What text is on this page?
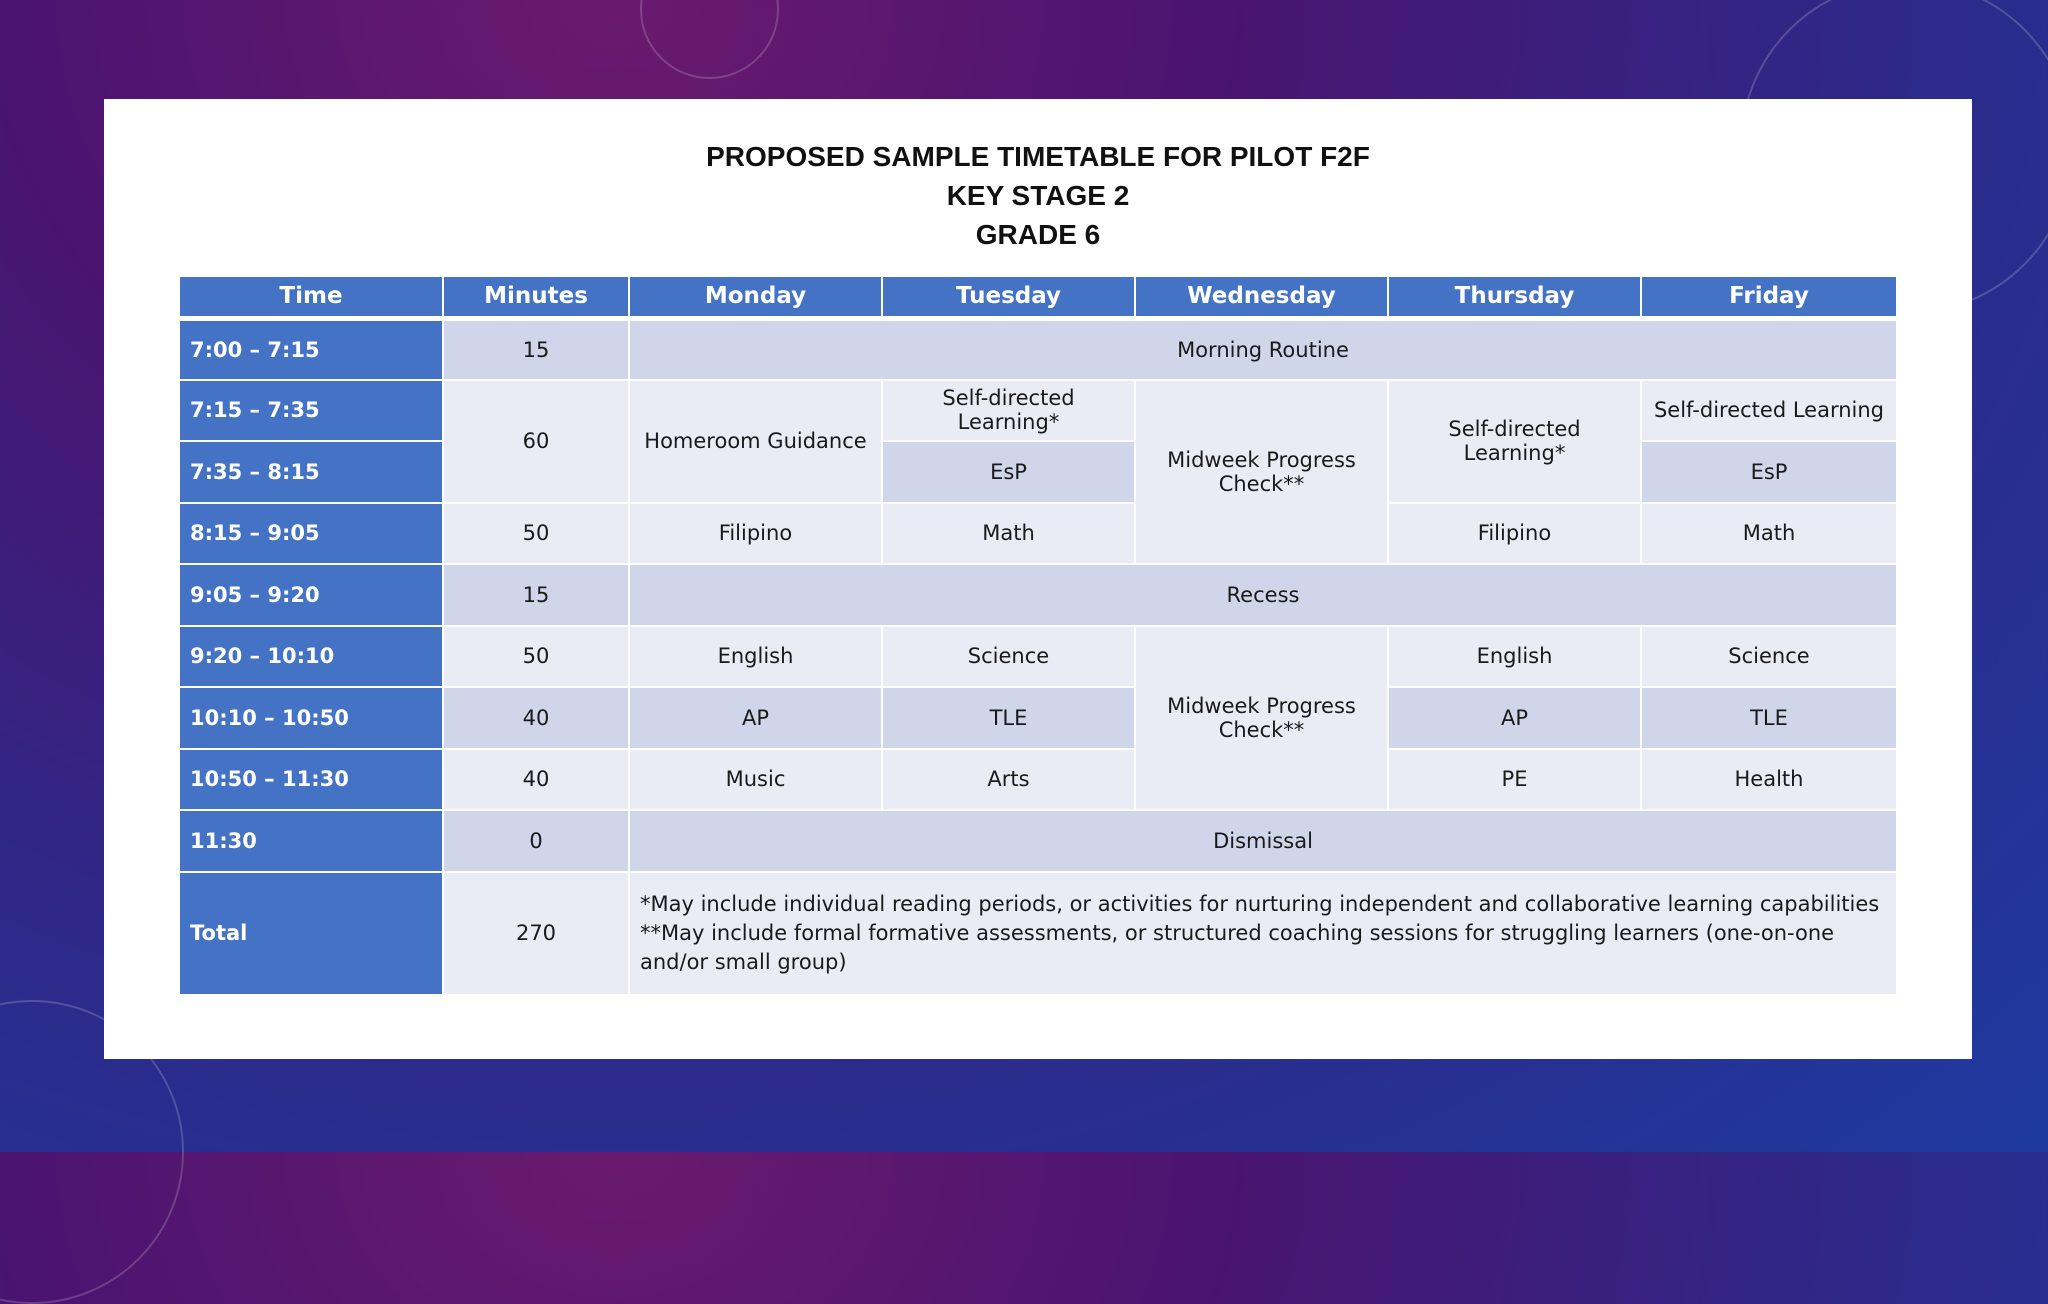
PROPOSED SAMPLE TIMETABLE FOR PILOT F2F
KEY STAGE 2
GRADE 6
Time	Minutes	Monday	Tuesday	Wednesday	Thursday	Friday
7:00 – 7:15	15	Morning Routine				
7:15 – 7:35	60	Homeroom Guidance	Self-directed Learning*	Midweek Progress Check**	Self-directed Learning*	Self-directed Learning
7:35 – 8:15			EsP			EsP
8:15 – 9:05	50	Filipino	Math		Filipino	Math
9:05 – 9:20	15	Recess				
9:20 – 10:10	50	English	Science	Midweek Progress Check**	English	Science
10:10 – 10:50	40	AP	TLE		AP	TLE
10:50 – 11:30	40	Music	Arts		PE	Health
11:30	0	Dismissal				
Total	270	*May include individual reading periods, or activities for nurturing independent and collaborative learning capabilities
**May include formal formative assessments, or structured coaching sessions for struggling learners (one-on-one and/or small group)				
